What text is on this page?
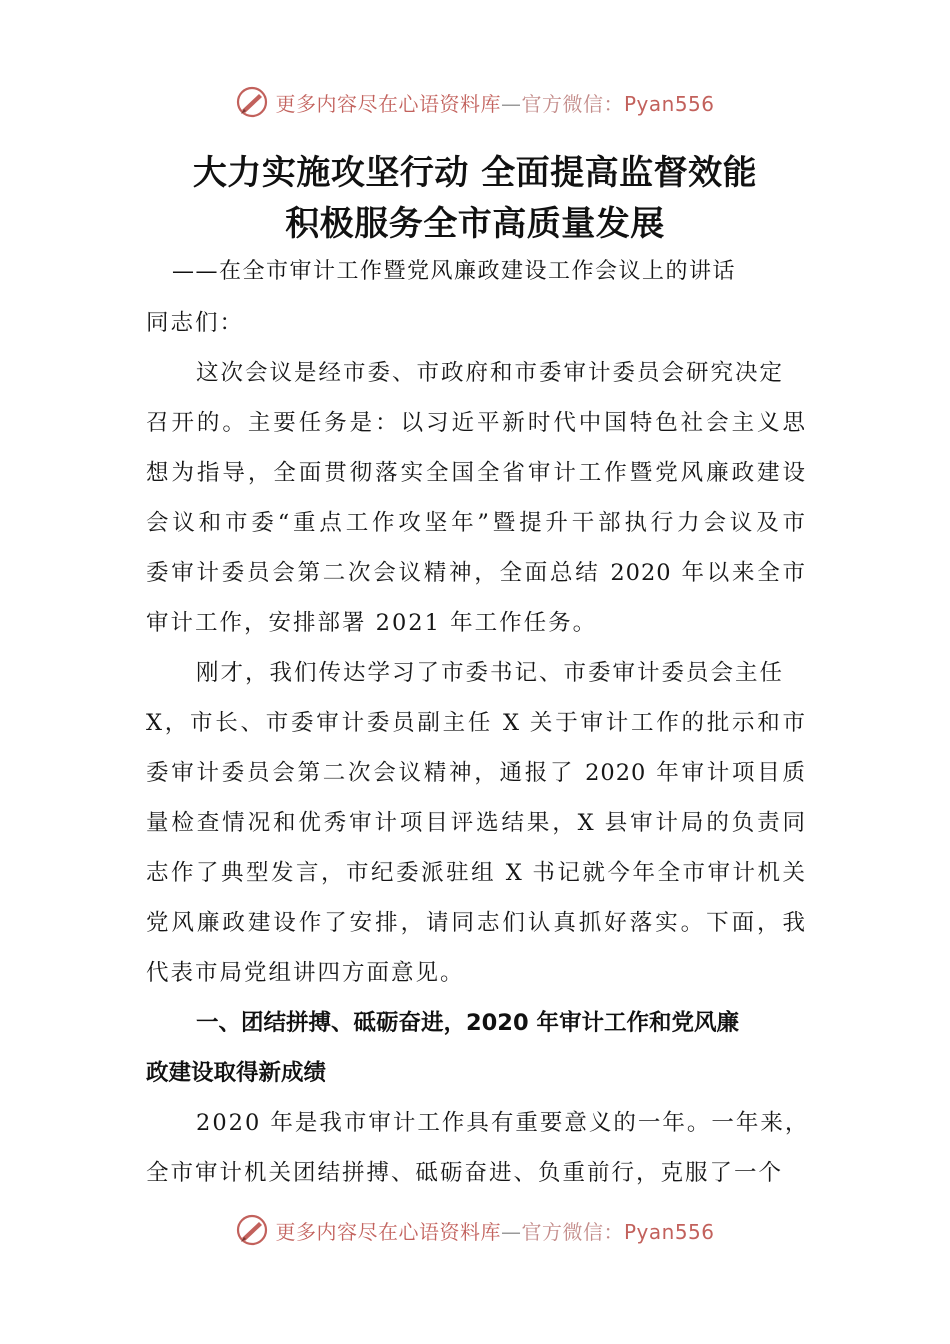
更多内容尽在心语资料库—官方微信：Pyan556
大力实施攻坚行动 全面提高监督效能
积极服务全市高质量发展
——在全市审计工作暨党风廉政建设工作会议上的讲话
同志们：
这次会议是经市委、市政府和市委审计委员会研究决定
召开的。主要任务是：以习近平新时代中国特色社会主义思
想为指导，全面贯彻落实全国全省审计工作暨党风廉政建设
会议和市委“重点工作攻坚年”暨提升干部执行力会议及市
委审计委员会第二次会议精神，全面总结 2020 年以来全市
审计工作，安排部署 2021 年工作任务。
刚才，我们传达学习了市委书记、市委审计委员会主任
X，市长、市委审计委员副主任 X 关于审计工作的批示和市
委审计委员会第二次会议精神，通报了 2020 年审计项目质
量检查情况和优秀审计项目评选结果，X 县审计局的负责同
志作了典型发言，市纪委派驻组 X 书记就今年全市审计机关
党风廉政建设作了安排，请同志们认真抓好落实。下面，我
代表市局党组讲四方面意见。
一、团结拼搏、砥砺奋进，2020 年审计工作和党风廉
政建设取得新成绩
2020 年是我市审计工作具有重要意义的一年。一年来，
全市审计机关团结拼搏、砥砺奋进、负重前行，克服了一个
更多内容尽在心语资料库—官方微信：Pyan556
